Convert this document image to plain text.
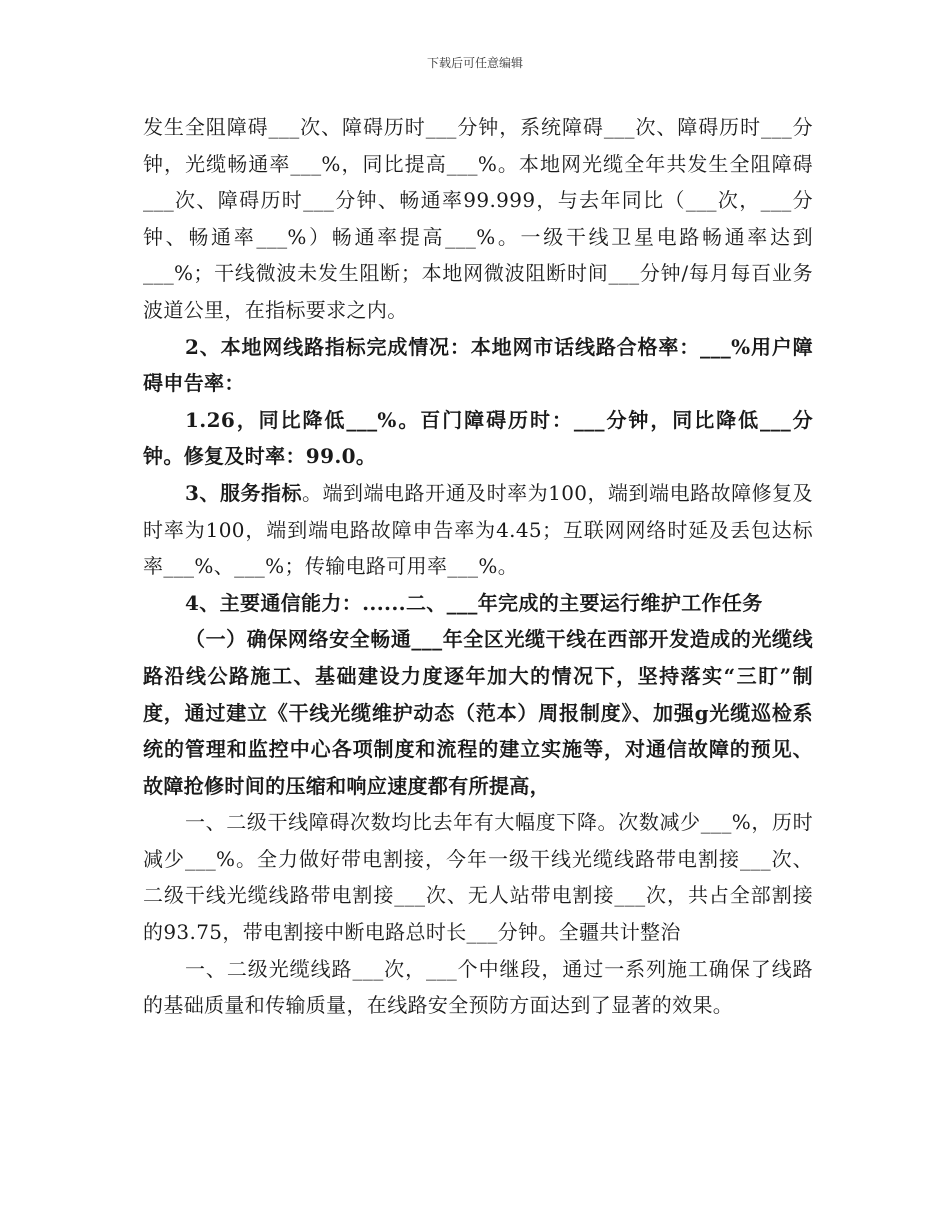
下载后可任意编辑

发生全阻障碍___次、障碍历时___分钟，系统障碍___次、障碍历时___分钟，光缆畅通率___%，同比提高___%。本地网光缆全年共发生全阻障碍___次、障碍历时___分钟、畅通率99.999，与去年同比（___次，___分钟、畅通率___%）畅通率提高___%。一级干线卫星电路畅通率达到___%；干线微波未发生阻断；本地网微波阻断时间___分钟/每月每百业务波道公里，在指标要求之内。

2、本地网线路指标完成情况：本地网市话线路合格率：___%用户障碍申告率：

1.26，同比降低___%。百门障碍历时：___分钟，同比降低___分钟。修复及时率：99.0。

3、服务指标。端到端电路开通及时率为100，端到端电路故障修复及时率为100，端到端电路故障申告率为4.45；互联网网络时延及丢包达标率___%、___%；传输电路可用率___%。

4、主要通信能力：......二、___年完成的主要运行维护工作任务

（一）确保网络安全畅通___年全区光缆干线在西部开发造成的光缆线路沿线公路施工、基础建设力度逐年加大的情况下，坚持落实“三盯”制度，通过建立《干线光缆维护动态（范本）周报制度》、加强g光缆巡检系统的管理和监控中心各项制度和流程的建立实施等，对通信故障的预见、故障抢修时间的压缩和响应速度都有所提高，

一、二级干线障碍次数均比去年有大幅度下降。次数减少___%，历时减少___%。全力做好带电割接，今年一级干线光缆线路带电割接___次、二级干线光缆线路带电割接___次、无人站带电割接___次，共占全部割接的93.75，带电割接中断电路总时长___分钟。全疆共计整治

一、二级光缆线路___次，___个中继段，通过一系列施工确保了线路的基础质量和传输质量，在线路安全预防方面达到了显著的效果。
